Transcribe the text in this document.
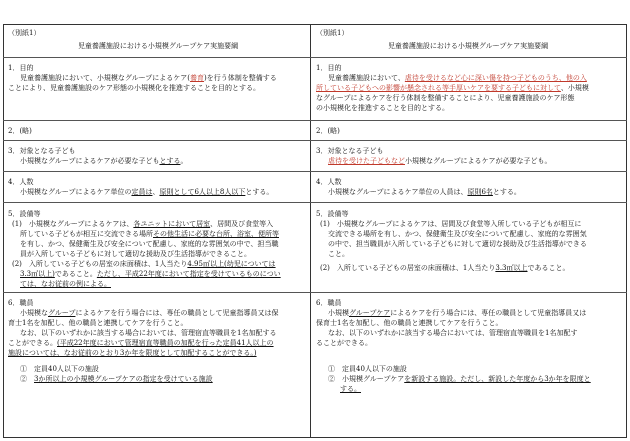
（別紙1）
児童養護施設における小規模グループケア実施要綱
1．目的
児童養護施設において、小規模なグループによるケア(養育)を行う体制を整備する
ことにより、児童養護施設のケア形態の小規模化を推進することを目的とする。
2．(略)
3．対象となる子ども
小規模なグループによるケアが必要な子どもとする。
4．人数
小規模なグループによるケア単位の定員は、原則として6人以上8人以下とする。
5．設備等
(1)　小規模なグループによるケアは、各ユニットにおいて居室、居間及び食堂等入
所している子どもが相互に交流できる場所その他生活に必要な台所、浴室、便所等
を有し、かつ、保健衛生及び安全について配慮し、家庭的な雰囲気の中で、担当職
員が入所している子どもに対して適切な援助及び生活指導ができること。
(2)　入所している子どもの居室の床面積は、1人当たり4.95㎡以上(幼児については
3.3㎡以上)であること。ただし、平成22年度において指定を受けているものについ
ては、なお従前の例による。
6．職員
小規模なグループによるケアを行う場合には、専任の職員として児童指導員又は保
育士1名を加配し、他の職員と連携してケアを行うこと。
なお、以下のいずれかに該当する場合においては、管理宿直等職員を1名加配する
ことができる。(平成22年度において管理宿直等職員の加配を行った定員41人以上の
施設については、なお従前のとおり3か年を限度として加配することができる。)
①　定員40人以下の施設
②　3か所以上の小規模グループケアの指定を受けている施設
（別紙1）
児童養護施設における小規模グループケア実施要綱
1．目的
児童養護施設において、虐待を受けるなど心に深い傷を持つ子どものうち、他の入
所している子どもへの影響が懸念される等手厚いケアを要する子どもに対して、小規模
なグループによるケアを行う体制を整備することにより、児童養護施設のケア形態
の小規模化を推進することを目的とする。
2．(略)
3．対象となる子ども
虐待を受けた子どもなど小規模なグループによるケアが必要な子ども。
4．人数
小規模なグループによるケア単位の人員は、原則6名とする。
5．設備等
(1)　小規模なグループによるケアは、居間及び食堂等入所している子どもが相互に
交流できる場所を有し、かつ、保健衛生及び安全について配慮し、家庭的な雰囲気
の中で、担当職員が入所している子どもに対して適切な援助及び生活指導ができる
こと。
(2)　入所している子どもの居室の床面積は、1人当たり3.3㎡以上であること。
6．職員
小規模グループケアによるケアを行う場合には、専任の職員として児童指導員又は
保育士1名を加配し、他の職員と連携してケアを行うこと。
なお、以下のいずれかに該当する場合においては、管理宿直等職員を1名加配す
ることができる。
①　定員40人以下の施設
②　小規模グループケアを新設する施設。ただし、新設した年度から3か年を限度と
する。
